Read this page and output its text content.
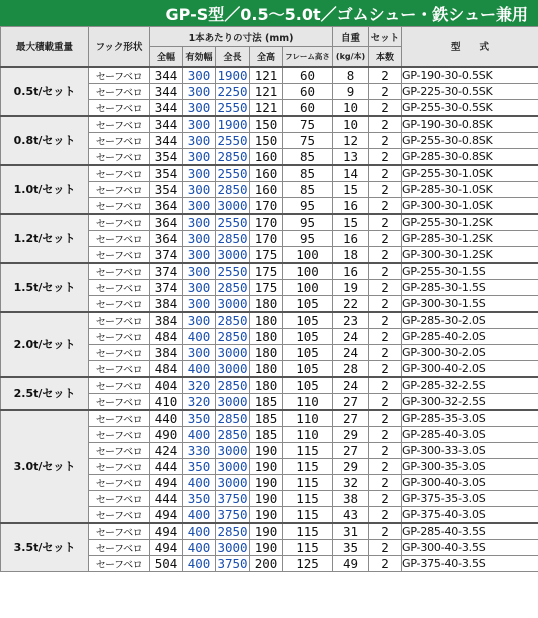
GP-S型／0.5〜5.0t／ゴムシュー・鉄シュー兼用
最大積載重量	フック形状	1本あたりの寸法 (mm)					自重	セット	型　　式
		全幅	有効幅	全長	全高	フレーム高さ	(kg/本)	本数	
0.5t/セット	セーフベロ	344	300	1900	121	60	8	2	GP-190-30-0.5SK
	セーフベロ	344	300	2250	121	60	9	2	GP-225-30-0.5SK
	セーフベロ	344	300	2550	121	60	10	2	GP-255-30-0.5SK
0.8t/セット	セーフベロ	344	300	1900	150	75	10	2	GP-190-30-0.8SK
	セーフベロ	344	300	2550	150	75	12	2	GP-255-30-0.8SK
	セーフベロ	354	300	2850	160	85	13	2	GP-285-30-0.8SK
1.0t/セット	セーフベロ	354	300	2550	160	85	14	2	GP-255-30-1.0SK
	セーフベロ	354	300	2850	160	85	15	2	GP-285-30-1.0SK
	セーフベロ	364	300	3000	170	95	16	2	GP-300-30-1.0SK
1.2t/セット	セーフベロ	364	300	2550	170	95	15	2	GP-255-30-1.2SK
	セーフベロ	364	300	2850	170	95	16	2	GP-285-30-1.2SK
	セーフベロ	374	300	3000	175	100	18	2	GP-300-30-1.2SK
1.5t/セット	セーフベロ	374	300	2550	175	100	16	2	GP-255-30-1.5S
	セーフベロ	374	300	2850	175	100	19	2	GP-285-30-1.5S
	セーフベロ	384	300	3000	180	105	22	2	GP-300-30-1.5S
2.0t/セット	セーフベロ	384	300	2850	180	105	23	2	GP-285-30-2.0S
	セーフベロ	484	400	2850	180	105	24	2	GP-285-40-2.0S
	セーフベロ	384	300	3000	180	105	24	2	GP-300-30-2.0S
	セーフベロ	484	400	3000	180	105	28	2	GP-300-40-2.0S
2.5t/セット	セーフベロ	404	320	2850	180	105	24	2	GP-285-32-2.5S
	セーフベロ	410	320	3000	185	110	27	2	GP-300-32-2.5S
3.0t/セット	セーフベロ	440	350	2850	185	110	27	2	GP-285-35-3.0S
	セーフベロ	490	400	2850	185	110	29	2	GP-285-40-3.0S
	セーフベロ	424	330	3000	190	115	27	2	GP-300-33-3.0S
	セーフベロ	444	350	3000	190	115	29	2	GP-300-35-3.0S
	セーフベロ	494	400	3000	190	115	32	2	GP-300-40-3.0S
	セーフベロ	444	350	3750	190	115	38	2	GP-375-35-3.0S
	セーフベロ	494	400	3750	190	115	43	2	GP-375-40-3.0S
3.5t/セット	セーフベロ	494	400	2850	190	115	31	2	GP-285-40-3.5S
	セーフベロ	494	400	3000	190	115	35	2	GP-300-40-3.5S
	セーフベロ	504	400	3750	200	125	49	2	GP-375-40-3.5S
